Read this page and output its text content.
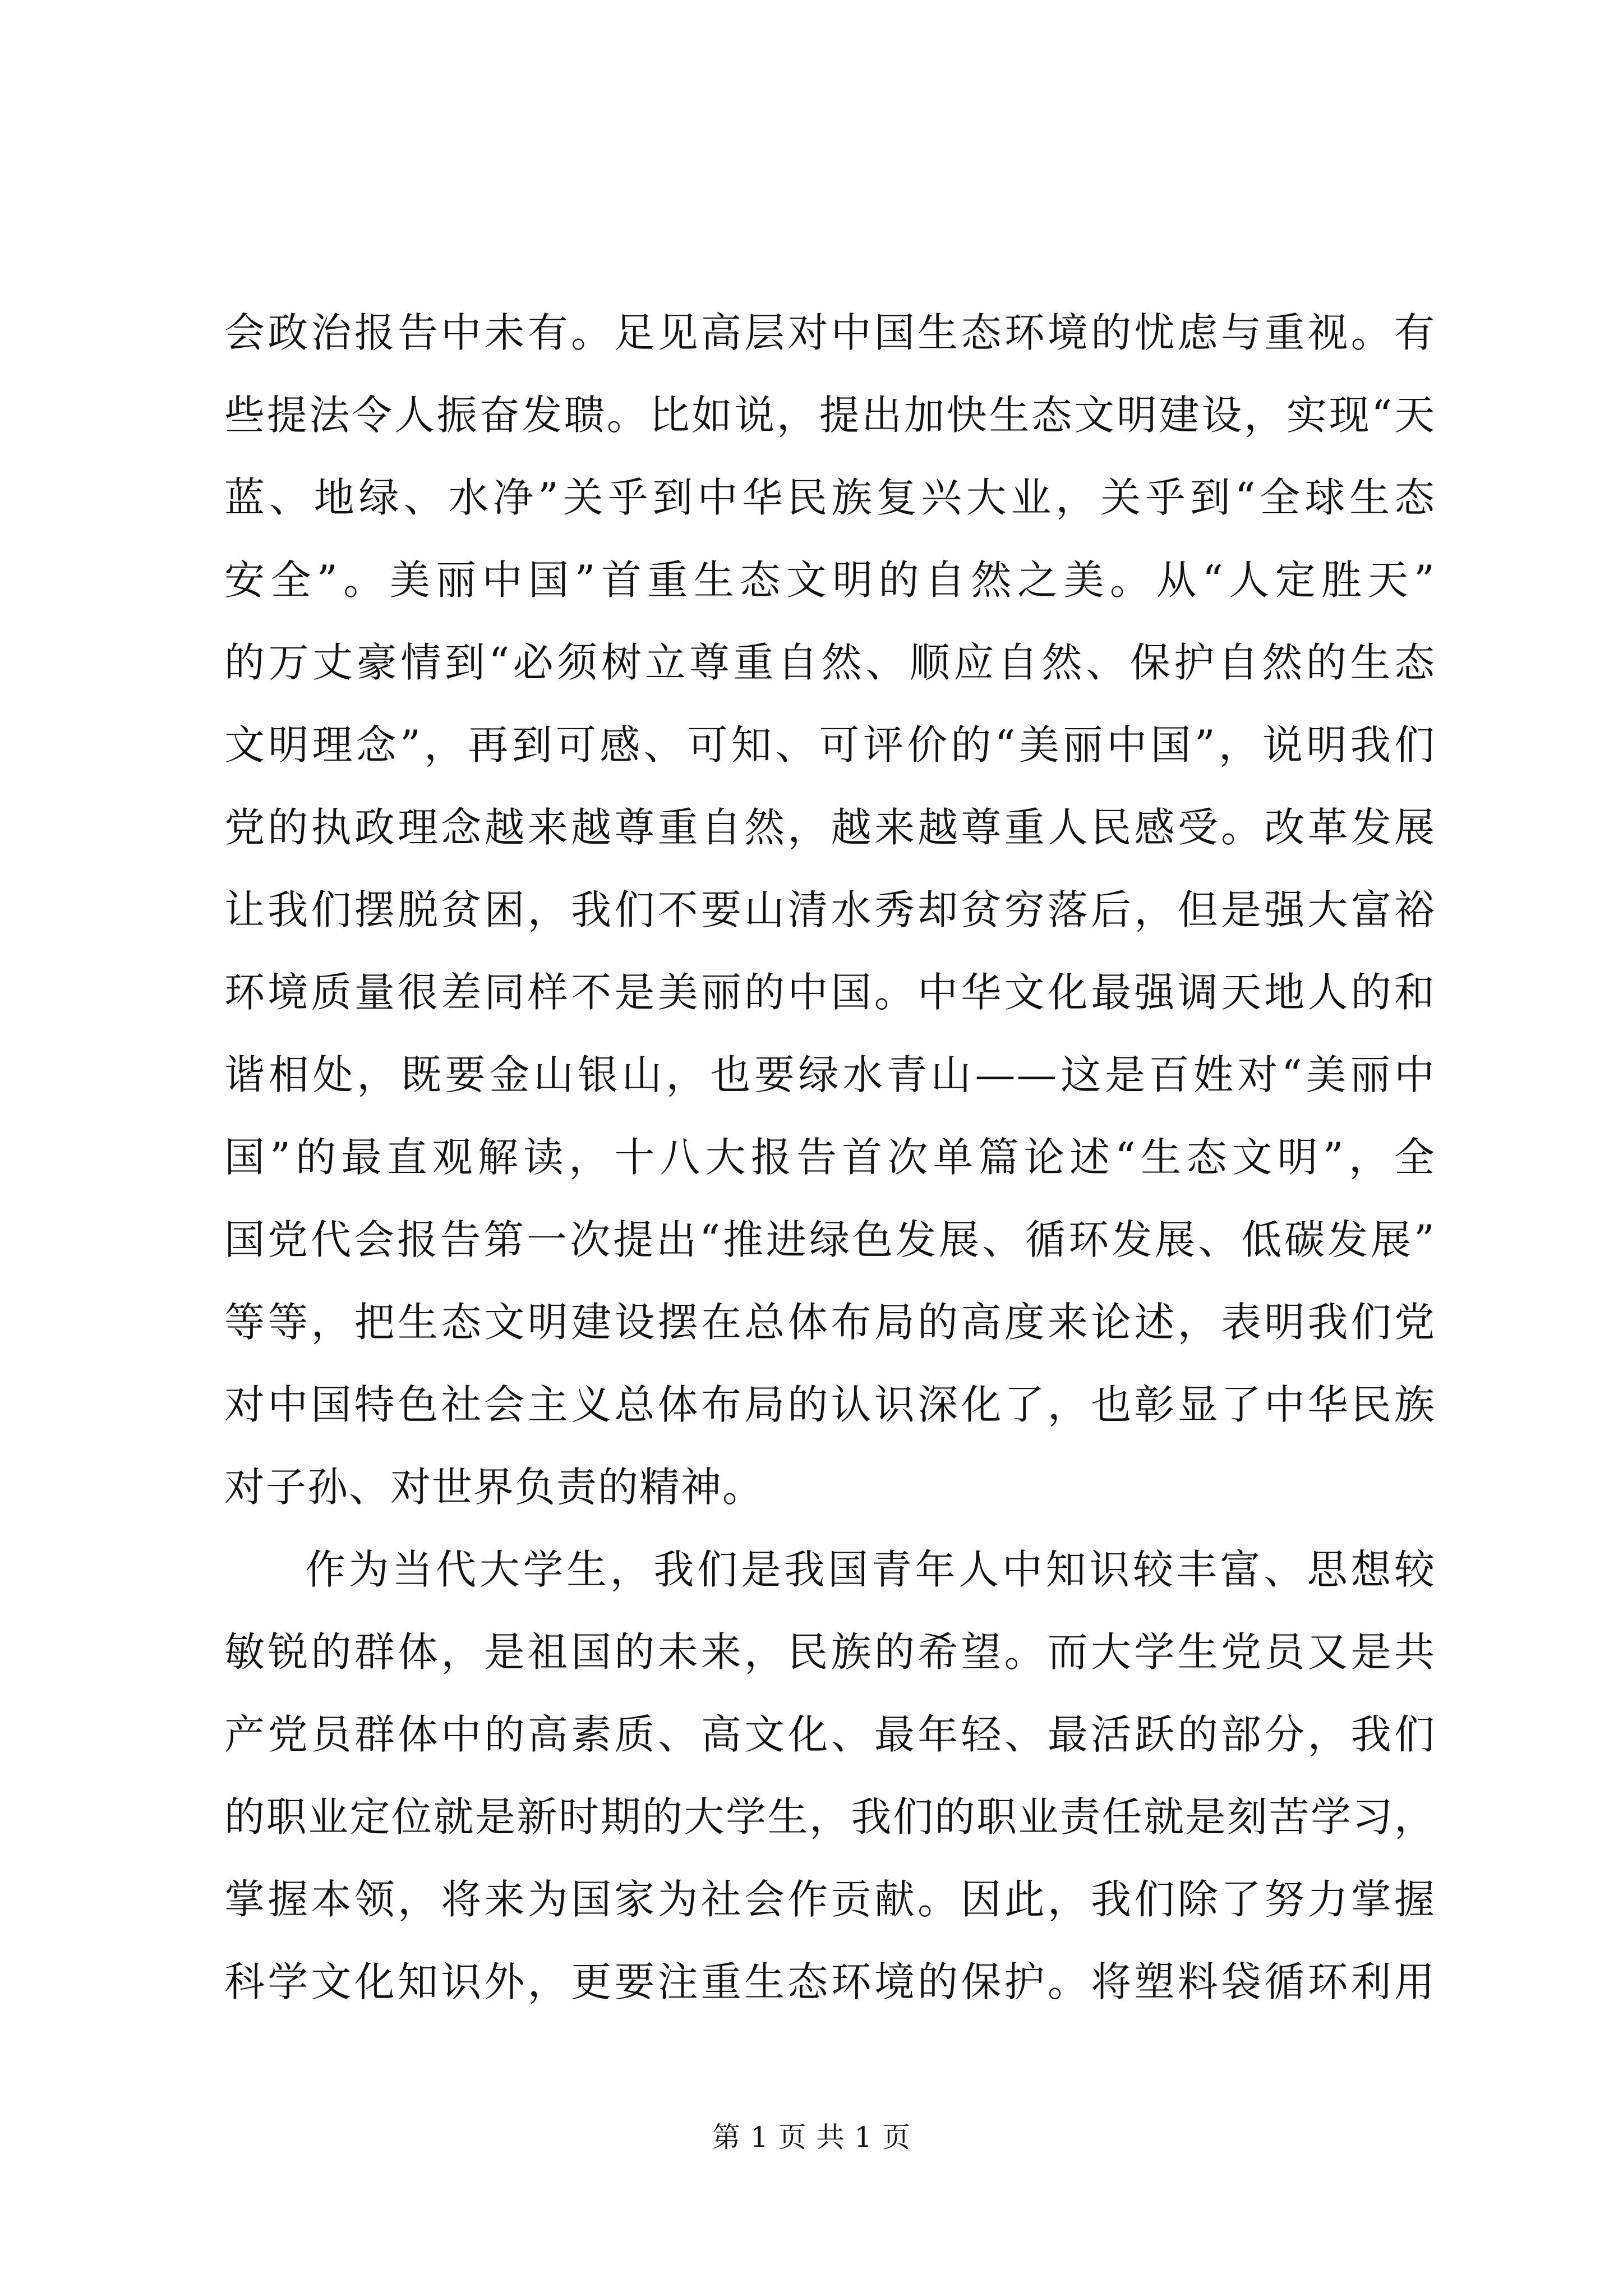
会政治报告中未有。足见高层对中国生态环境的忧虑与重视。有
些提法令人振奋发聩。比如说，提出加快生态文明建设，实现“天
蓝、地绿、水净”关乎到中华民族复兴大业，关乎到“全球生态
安全”。美丽中国”首重生态文明的自然之美。从“人定胜天”
的万丈豪情到“必须树立尊重自然、顺应自然、保护自然的生态
文明理念”，再到可感、可知、可评价的“美丽中国”，说明我们
党的执政理念越来越尊重自然，越来越尊重人民感受。改革发展
让我们摆脱贫困，我们不要山清水秀却贫穷落后，但是强大富裕
环境质量很差同样不是美丽的中国。中华文化最强调天地人的和
谐相处，既要金山银山，也要绿水青山——这是百姓对“美丽中
国”的最直观解读，十八大报告首次单篇论述“生态文明”，全
国党代会报告第一次提出“推进绿色发展、循环发展、低碳发展”
等等，把生态文明建设摆在总体布局的高度来论述，表明我们党
对中国特色社会主义总体布局的认识深化了，也彰显了中华民族
对子孙、对世界负责的精神。
作为当代大学生，我们是我国青年人中知识较丰富、思想较
敏锐的群体，是祖国的未来，民族的希望。而大学生党员又是共
产党员群体中的高素质、高文化、最年轻、最活跃的部分，我们
的职业定位就是新时期的大学生，我们的职业责任就是刻苦学习，
掌握本领，将来为国家为社会作贡献。因此，我们除了努力掌握
科学文化知识外，更要注重生态环境的保护。将塑料袋循环利用
第 1 页 共 1 页
